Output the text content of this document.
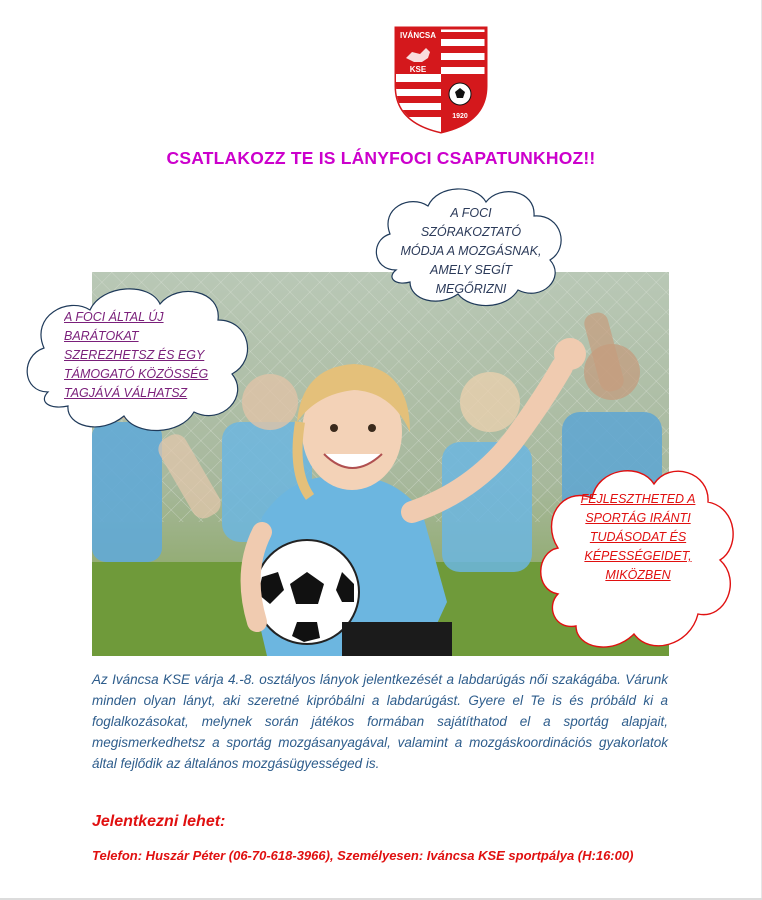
IVÁNCSA
KSE
1920
CSATLAKOZZ TE IS LÁNYFOCI CSAPATUNKHOZ!!
A FOCI SZÓRAKOZTATÓ MÓDJA A MOZGÁSNAK, AMELY SEGÍT MEGŐRIZNI
A FOCI ÁLTAL ÚJ BARÁTOKAT SZEREZHETSZ ÉS EGY TÁMOGATÓ KÖZÖSSÉG TAGJÁVÁ VÁLHATSZ
FEJLESZTHETED A SPORTÁG IRÁNTI TUDÁSODAT ÉS KÉPESSÉGEIDET, MIKÖZBEN
Az Iváncsa KSE várja 4.-8. osztályos lányok jelentkezését a labdarúgás női szakágába. Várunk minden olyan lányt, aki szeretné kipróbálni a labdarúgást. Gyere el Te is és próbáld ki a foglalkozásokat, melynek során játékos formában sajátíthatod el a sportág alapjait, megismerkedhetsz a sportág mozgásanyagával, valamint a mozgáskoordinációs gyakorlatok által fejlődik az általános mozgásügyességed is.
Jelentkezni lehet:
Telefon: Huszár Péter (06-70-618-3966), Személyesen: Iváncsa KSE sportpálya (H:16:00)
